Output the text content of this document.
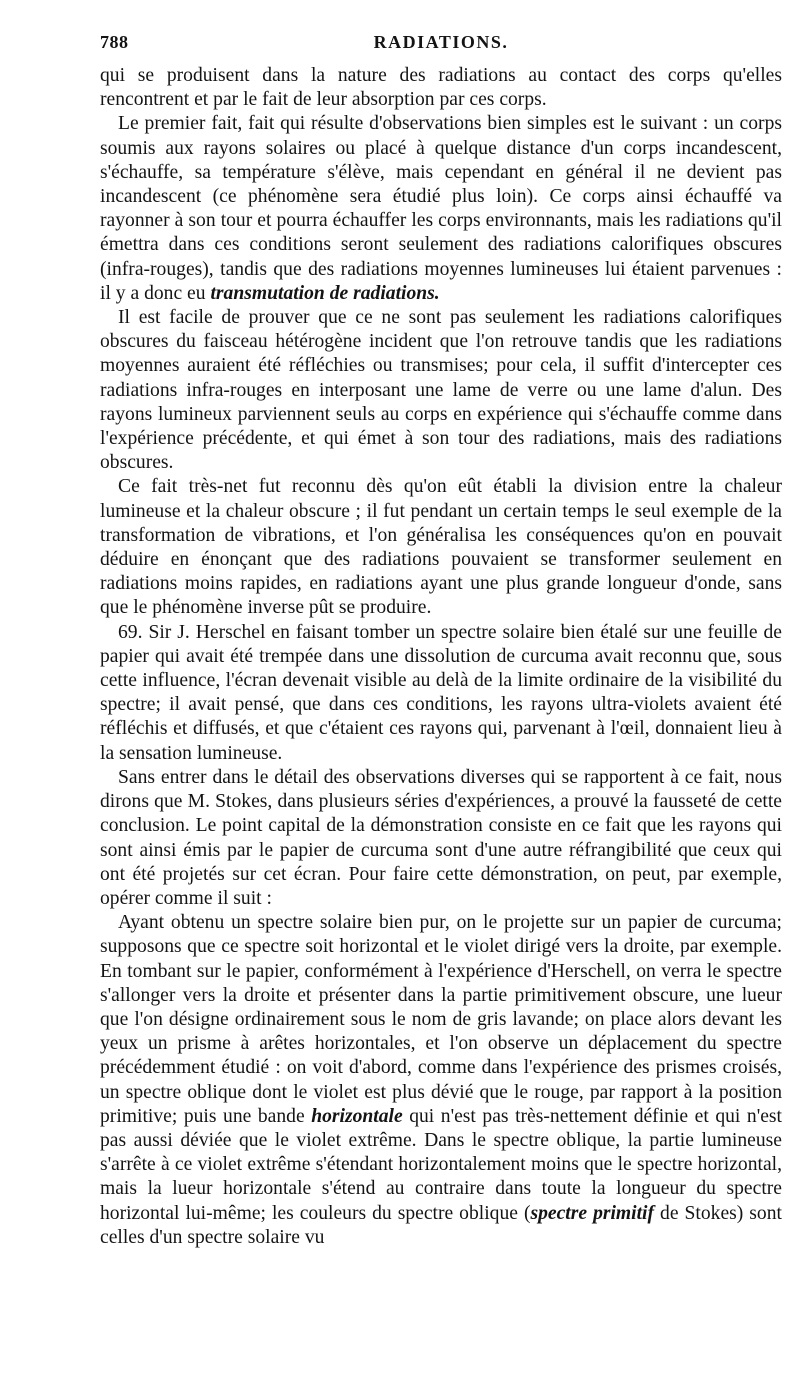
788	RADIATIONS.

qui se produisent dans la nature des radiations au contact des corps qu'elles rencontrent et par le fait de leur absorption par ces corps.

Le premier fait, fait qui résulte d'observations bien simples est le suivant : un corps soumis aux rayons solaires ou placé à quelque distance d'un corps incandescent, s'échauffe, sa température s'élève, mais cependant en général il ne devient pas incandescent (ce phénomène sera étudié plus loin). Ce corps ainsi échauffé va rayonner à son tour et pourra échauffer les corps environnants, mais les radiations qu'il émettra dans ces conditions seront seulement des radiations calorifiques obscures (infra-rouges), tandis que des radiations moyennes lumineuses lui étaient parvenues : il y a donc eu transmutation de radiations.

Il est facile de prouver que ce ne sont pas seulement les radiations calorifiques obscures du faisceau hétérogène incident que l'on retrouve tandis que les radiations moyennes auraient été réfléchies ou transmises; pour cela, il suffit d'intercepter ces radiations infra-rouges en interposant une lame de verre ou une lame d'alun. Des rayons lumineux parviennent seuls au corps en expérience qui s'échauffe comme dans l'expérience précédente, et qui émet à son tour des radiations, mais des radiations obscures.

Ce fait très-net fut reconnu dès qu'on eût établi la division entre la chaleur lumineuse et la chaleur obscure ; il fut pendant un certain temps le seul exemple de la transformation de vibrations, et l'on généralisa les conséquences qu'on en pouvait déduire en énonçant que des radiations pouvaient se transformer seulement en radiations moins rapides, en radiations ayant une plus grande longueur d'onde, sans que le phénomène inverse pût se produire.

69. Sir J. Herschel en faisant tomber un spectre solaire bien étalé sur une feuille de papier qui avait été trempée dans une dissolution de curcuma avait reconnu que, sous cette influence, l'écran devenait visible au delà de la limite ordinaire de la visibilité du spectre; il avait pensé, que dans ces conditions, les rayons ultra-violets avaient été réfléchis et diffusés, et que c'étaient ces rayons qui, parvenant à l'œil, donnaient lieu à la sensation lumineuse.

Sans entrer dans le détail des observations diverses qui se rapportent à ce fait, nous dirons que M. Stokes, dans plusieurs séries d'expériences, a prouvé la fausseté de cette conclusion. Le point capital de la démonstration consiste en ce fait que les rayons qui sont ainsi émis par le papier de curcuma sont d'une autre réfrangibilité que ceux qui ont été projetés sur cet écran. Pour faire cette démonstration, on peut, par exemple, opérer comme il suit :

Ayant obtenu un spectre solaire bien pur, on le projette sur un papier de curcuma; supposons que ce spectre soit horizontal et le violet dirigé vers la droite, par exemple. En tombant sur le papier, conformément à l'expérience d'Herschell, on verra le spectre s'allonger vers la droite et présenter dans la partie primitivement obscure, une lueur que l'on désigne ordinairement sous le nom de gris lavande; on place alors devant les yeux un prisme à arêtes horizontales, et l'on observe un déplacement du spectre précédemment étudié : on voit d'abord, comme dans l'expérience des prismes croisés, un spectre oblique dont le violet est plus dévié que le rouge, par rapport à la position primitive; puis une bande horizontale qui n'est pas très-nettement définie et qui n'est pas aussi déviée que le violet extrême. Dans le spectre oblique, la partie lumineuse s'arrête à ce violet extrême s'étendant horizontalement moins que le spectre horizontal, mais la lueur horizontale s'étend au contraire dans toute la longueur du spectre horizontal lui-même; les couleurs du spectre oblique (spectre primitif de Stokes) sont celles d'un spectre solaire vu
